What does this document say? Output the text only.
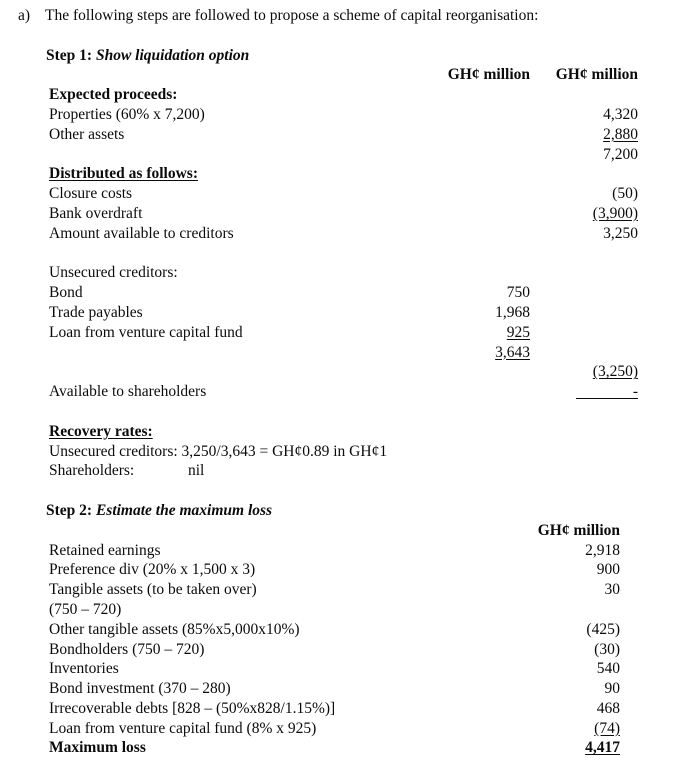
a) The following steps are followed to propose a scheme of capital reorganisation:
Step 1: Show liquidation option
GH¢ million	GH¢ million
Expected proceeds:
Properties (60% x 7,200)	4,320
Other assets	2,880
7,200
Distributed as follows:
Closure costs	(50)
Bank overdraft	(3,900)
Amount available to creditors	3,250
Unsecured creditors:
Bond	750
Trade payables	1,968
Loan from venture capital fund	925
3,643
(3,250)
Available to shareholders	-
Recovery rates:
Unsecured creditors: 3,250/3,643 = GH¢0.89 in GH¢1
Shareholders:	nil
Step 2: Estimate the maximum loss
GH¢ million
Retained earnings	2,918
Preference div (20% x 1,500 x 3)	900
Tangible assets (to be taken over)	30
(750 – 720)
Other tangible assets (85%x5,000x10%)	(425)
Bondholders (750 – 720)	(30)
Inventories	540
Bond investment (370 – 280)	90
Irrecoverable debts [828 – (50%x828/1.15%)]	468
Loan from venture capital fund (8% x 925)	(74)
Maximum loss	4,417
